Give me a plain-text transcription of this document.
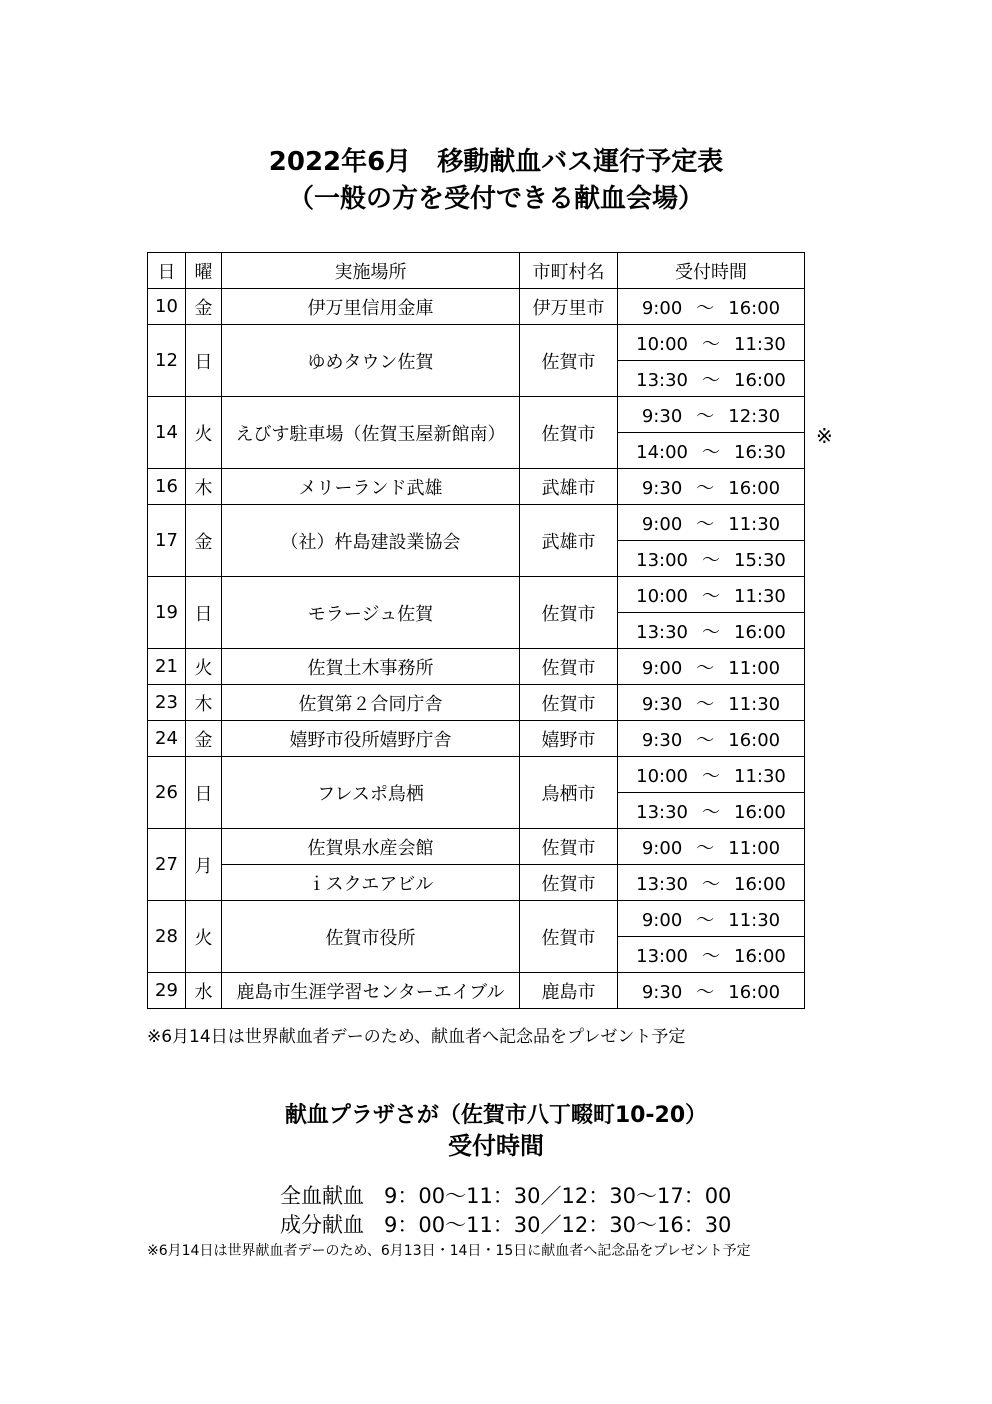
2022年6月　移動献血バス運行予定表
（一般の方を受付できる献血会場）
日	曜	実施場所	市町村名	受付時間
10	金	伊万里信用金庫	伊万里市	9:00 ～ 16:00
12	日	ゆめタウン佐賀	佐賀市	10:00 ～ 11:30
				13:30 ～ 16:00
14	火	えびす駐車場（佐賀玉屋新館南）	佐賀市	9:30 ～ 12:30
				14:00 ～ 16:30
16	木	メリーランド武雄	武雄市	9:30 ～ 16:00
17	金	（社）杵島建設業協会	武雄市	9:00 ～ 11:30
				13:00 ～ 15:30
19	日	モラージュ佐賀	佐賀市	10:00 ～ 11:30
				13:30 ～ 16:00
21	火	佐賀土木事務所	佐賀市	9:00 ～ 11:00
23	木	佐賀第２合同庁舎	佐賀市	9:30 ～ 11:30
24	金	嬉野市役所嬉野庁舎	嬉野市	9:30 ～ 16:00
26	日	フレスポ鳥栖	鳥栖市	10:00 ～ 11:30
				13:30 ～ 16:00
27	月	佐賀県水産会館	佐賀市	9:00 ～ 11:00
		ｉスクエアビル	佐賀市	13:30 ～ 16:00
28	火	佐賀市役所	佐賀市	9:00 ～ 11:30
				13:00 ～ 16:00
29	水	鹿島市生涯学習センターエイブル	鹿島市	9:30 ～ 16:00
※
※6月14日は世界献血者デーのため、献血者へ記念品をプレゼント予定
献血プラザさが（佐賀市八丁畷町10-20）
受付時間
全血献血 9：00～11：30／12：30～17：00
成分献血 9：00～11：30／12：30～16：30
※6月14日は世界献血者デーのため、6月13日・14日・15日に献血者へ記念品をプレゼント予定
